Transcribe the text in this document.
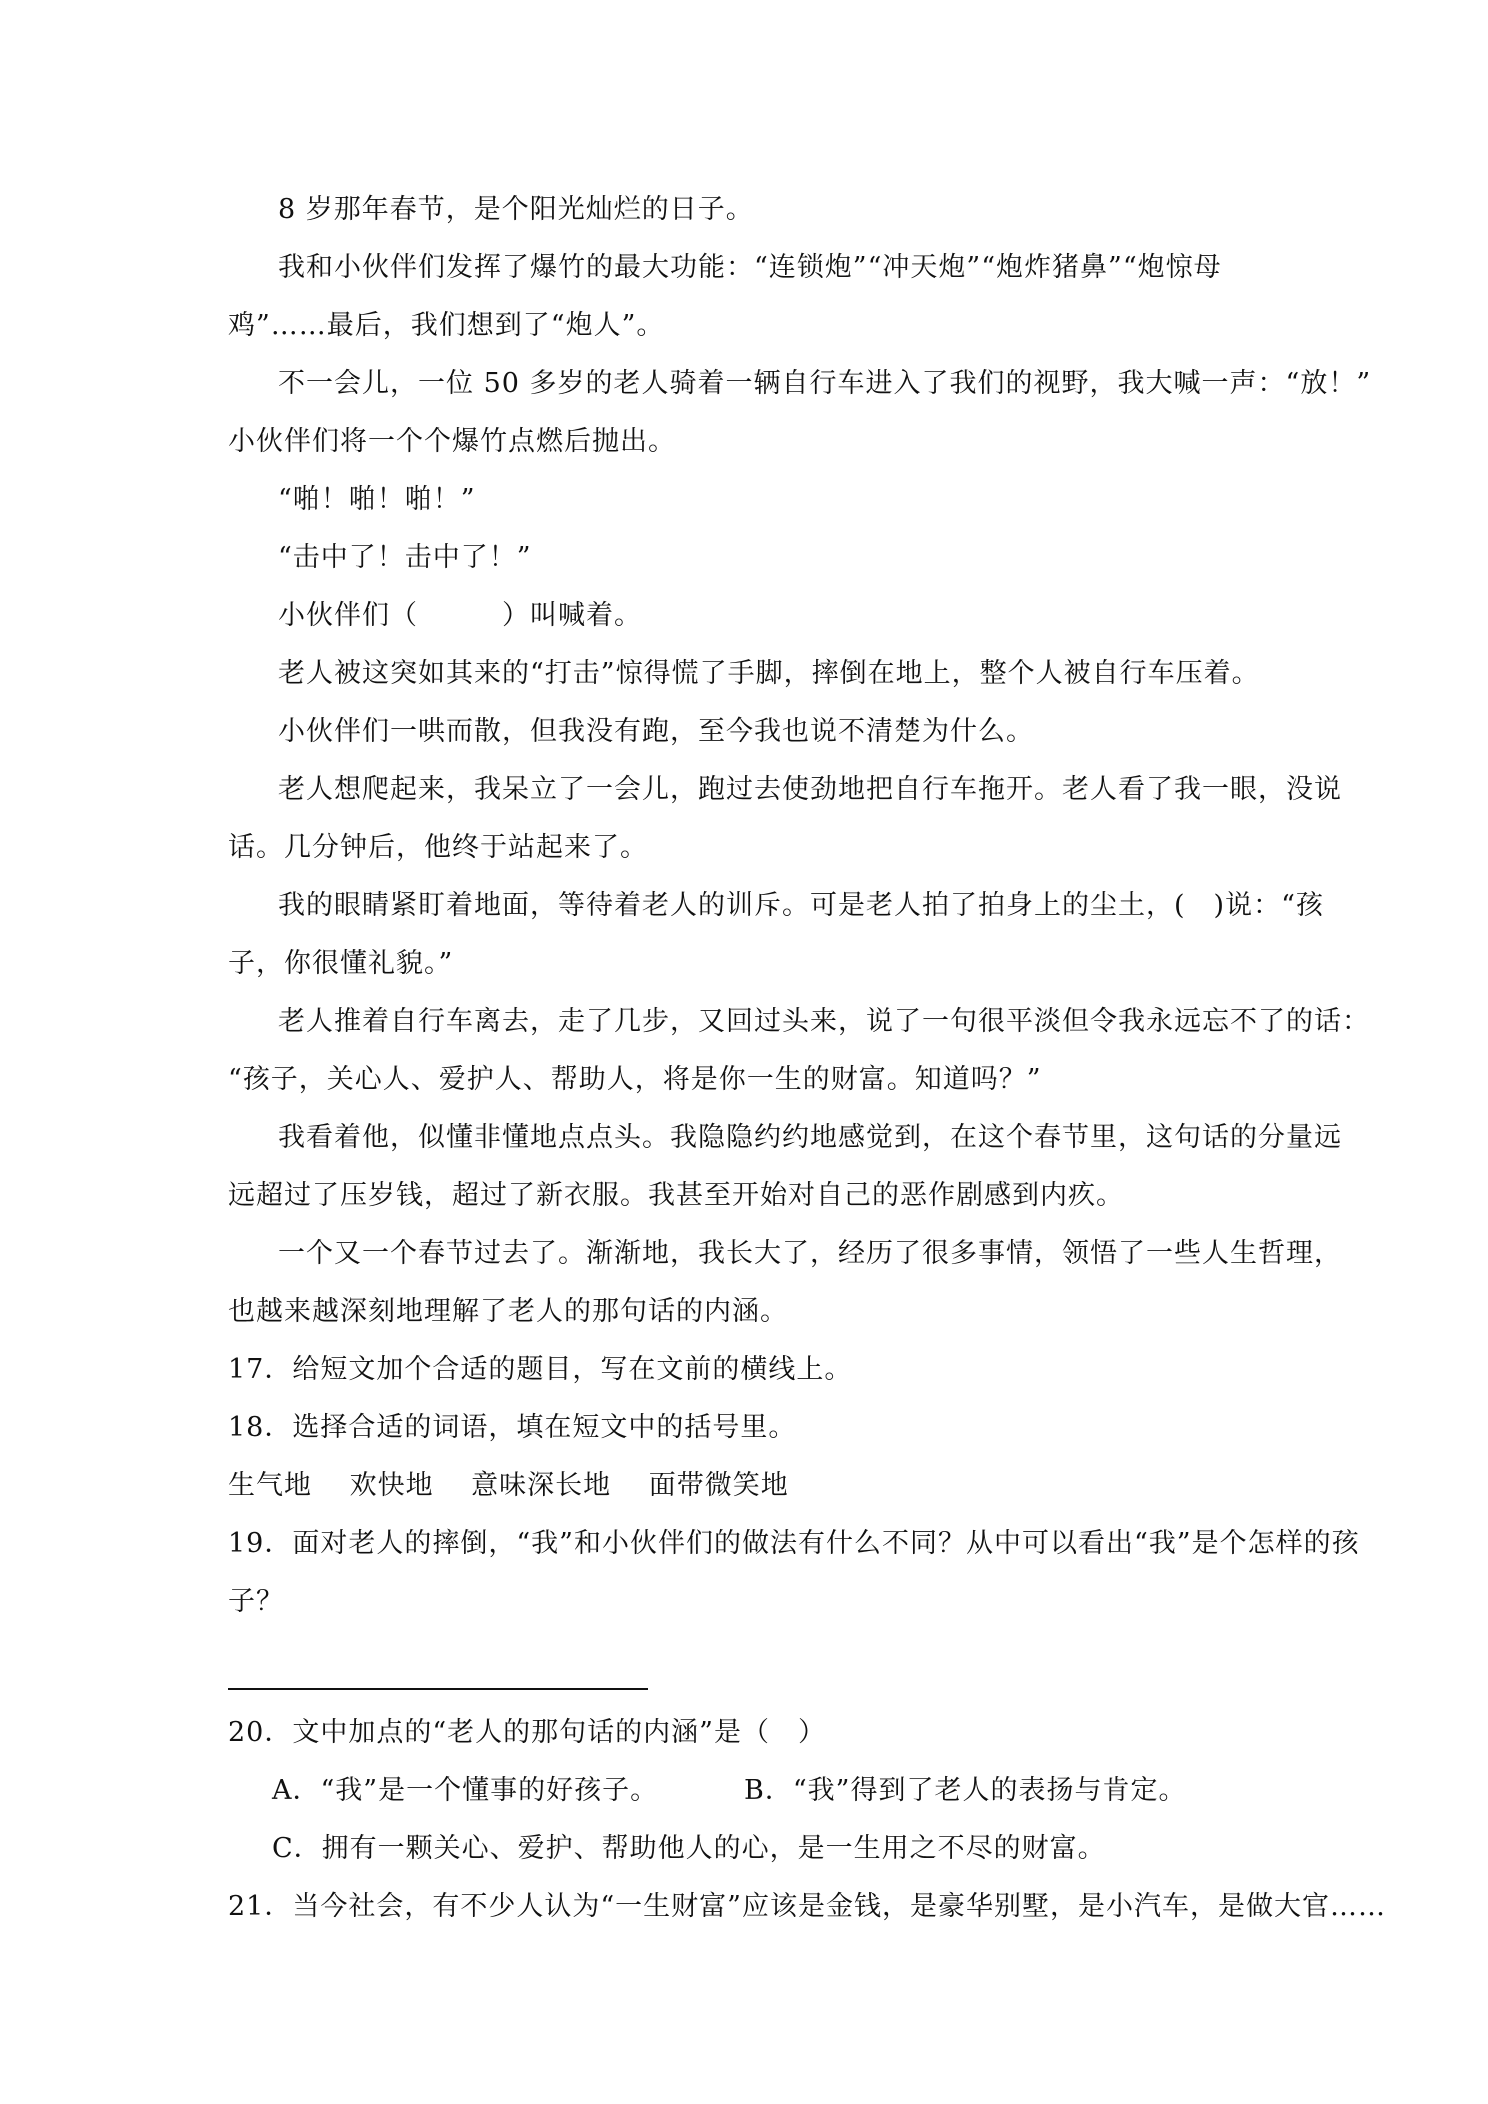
8 岁那年春节，是个阳光灿烂的日子。
我和小伙伴们发挥了爆竹的最大功能：“连锁炮”“冲天炮”“炮炸猪鼻”“炮惊母
鸡”……最后，我们想到了“炮人”。
不一会儿，一位 50 多岁的老人骑着一辆自行车进入了我们的视野，我大喊一声：“放！”
小伙伴们将一个个爆竹点燃后抛出。
“啪！啪！啪！”
“击中了！击中了！”
小伙伴们（　　　）叫喊着。
老人被这突如其来的“打击”惊得慌了手脚，摔倒在地上，整个人被自行车压着。
小伙伴们一哄而散，但我没有跑，至今我也说不清楚为什么。
老人想爬起来，我呆立了一会儿，跑过去使劲地把自行车拖开。老人看了我一眼，没说
话。几分钟后，他终于站起来了。
我的眼睛紧盯着地面，等待着老人的训斥。可是老人拍了拍身上的尘土，(　)说：“孩
子，你很懂礼貌。”
老人推着自行车离去，走了几步，又回过头来，说了一句很平淡但令我永远忘不了的话：
“孩子，关心人、爱护人、帮助人，将是你一生的财富。知道吗？”
我看着他，似懂非懂地点点头。我隐隐约约地感觉到，在这个春节里，这句话的分量远
远超过了压岁钱，超过了新衣服。我甚至开始对自己的恶作剧感到内疚。
一个又一个春节过去了。渐渐地，我长大了，经历了很多事情，领悟了一些人生哲理，
也越来越深刻地理解了老人的那句话的内涵。
17．给短文加个合适的题目，写在文前的横线上。
18．选择合适的词语，填在短文中的括号里。
生气地　 欢快地　 意味深长地　 面带微笑地
19．面对老人的摔倒，“我”和小伙伴们的做法有什么不同？从中可以看出“我”是个怎样的孩
子？
20．文中加点的“老人的那句话的内涵”是（　）
A．“我”是一个懂事的好孩子。	B．“我”得到了老人的表扬与肯定。
C．拥有一颗关心、爱护、帮助他人的心，是一生用之不尽的财富。
21．当今社会，有不少人认为“一生财富”应该是金钱，是豪华别墅，是小汽车，是做大官……
